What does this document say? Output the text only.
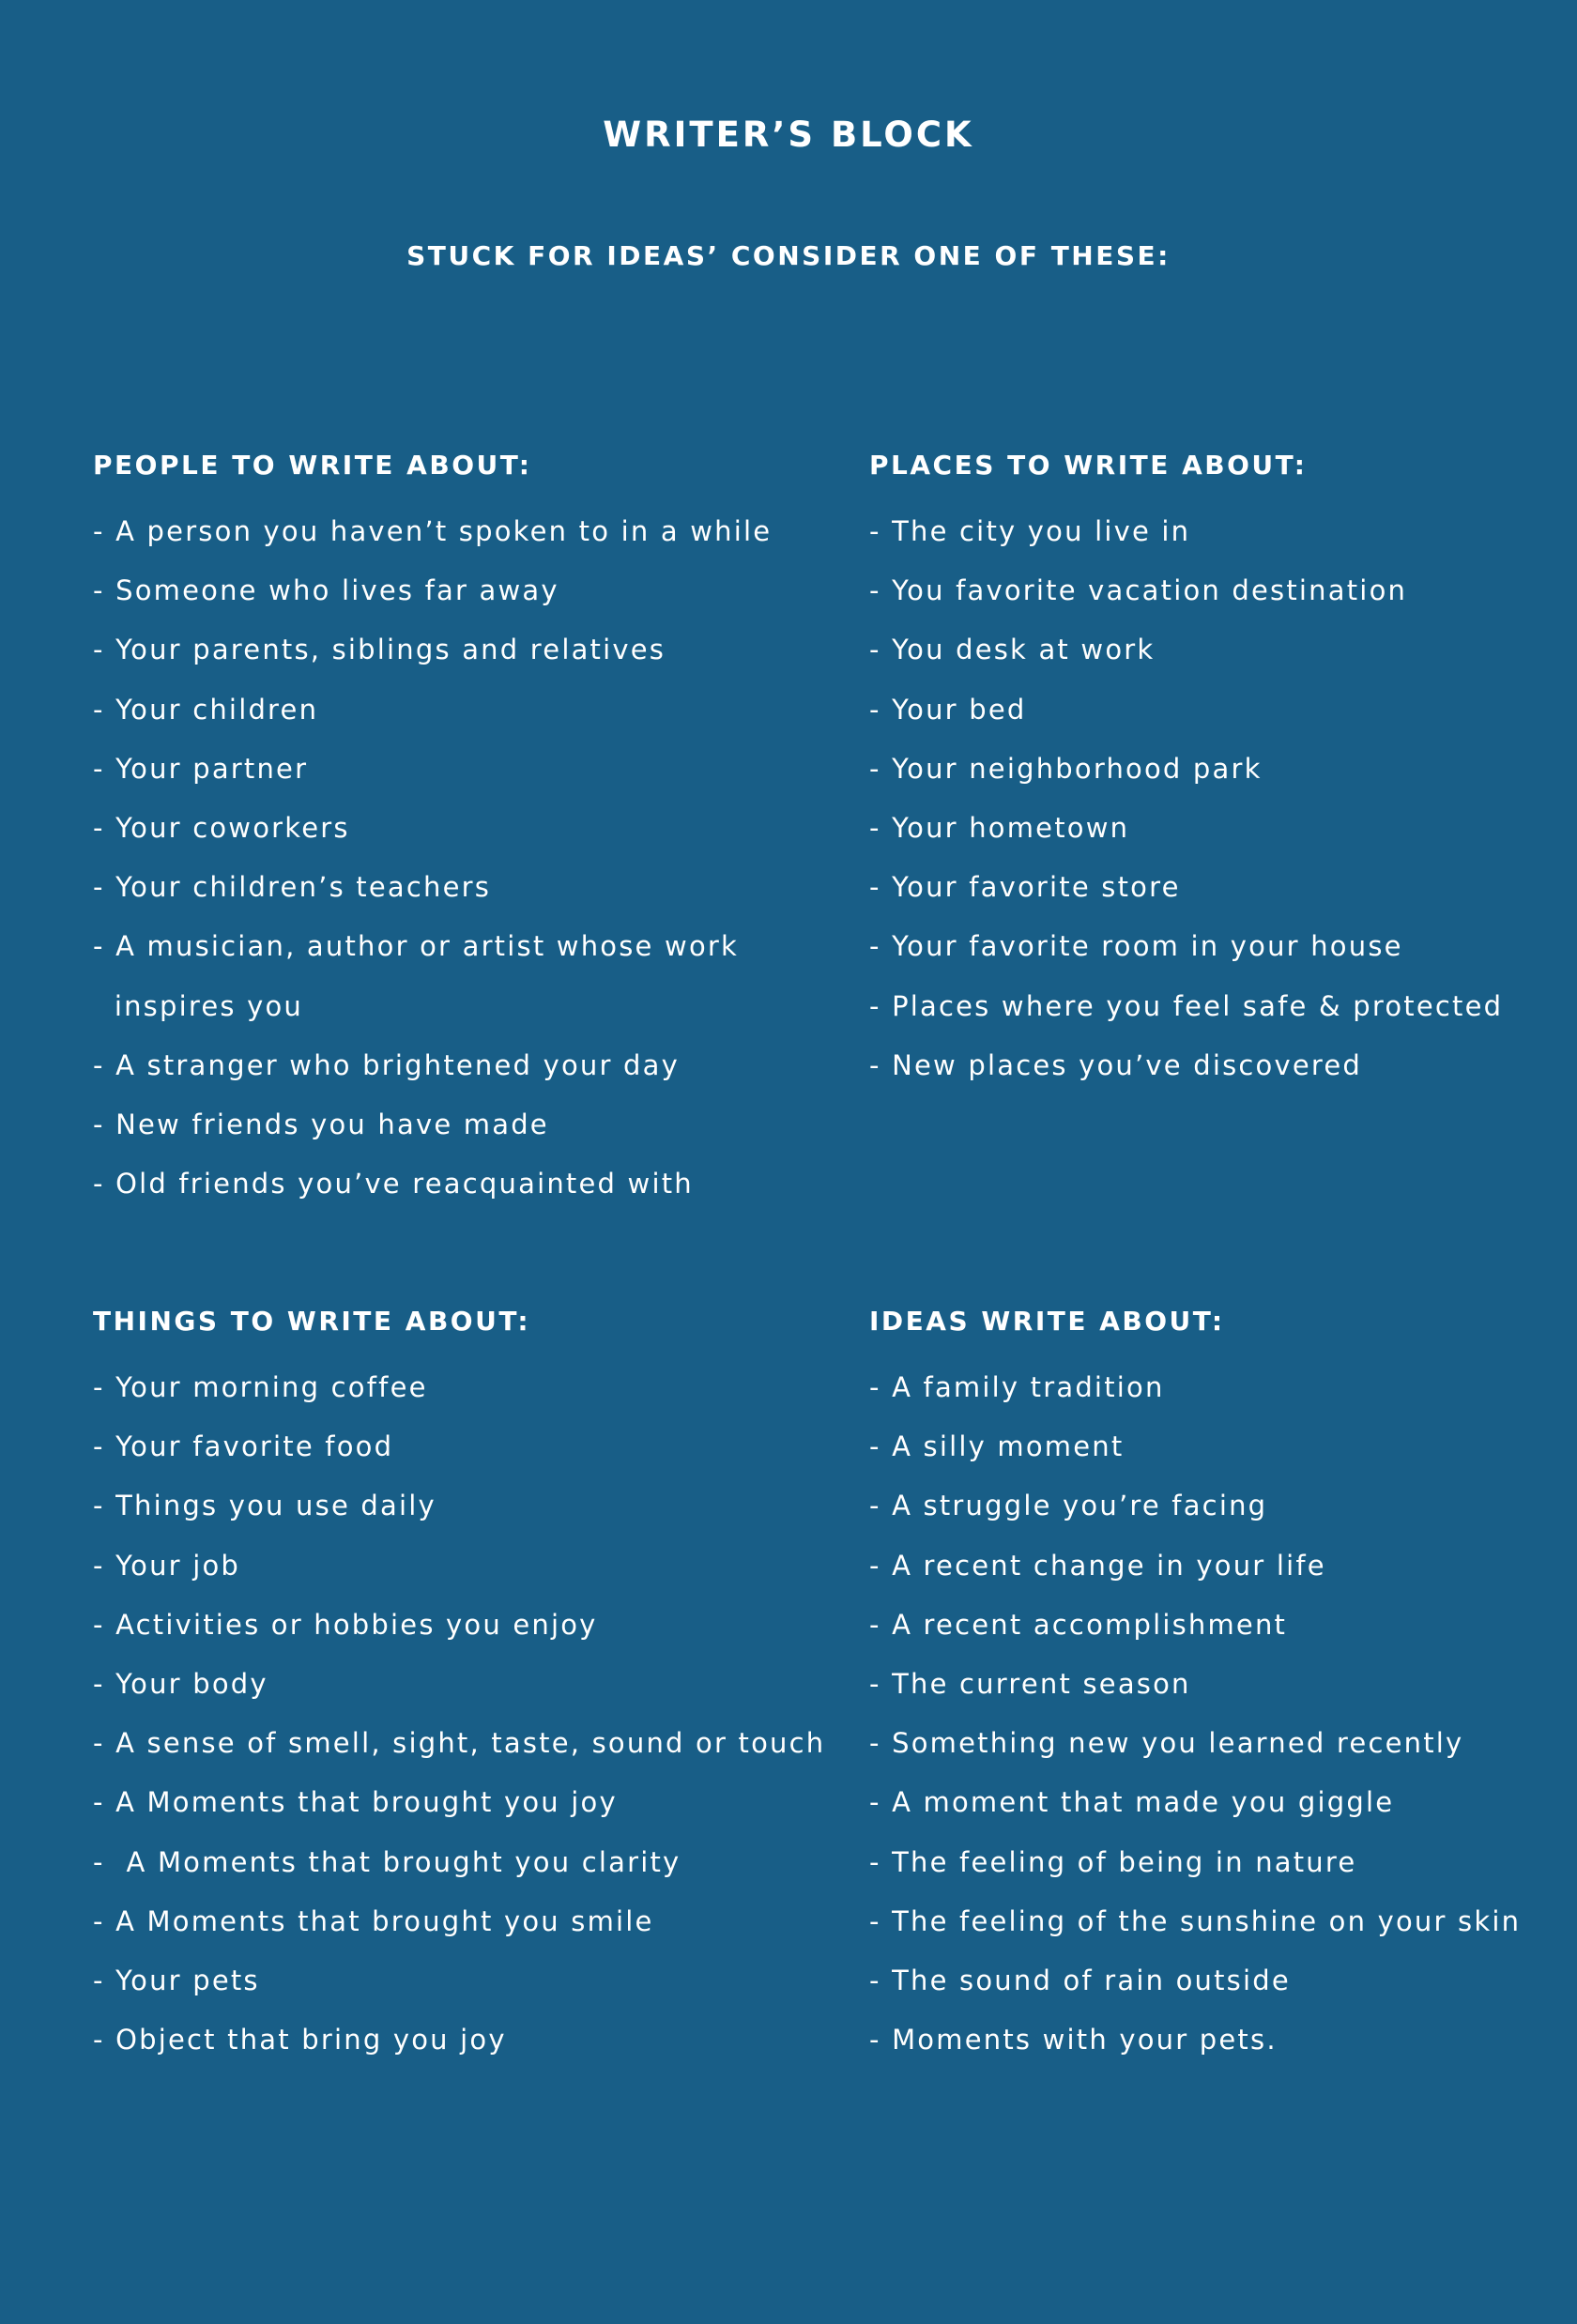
WRITER’S BLOCK

STUCK FOR IDEAS’ CONSIDER ONE OF THESE:

PEOPLE TO WRITE ABOUT:
- A person you haven’t spoken to in a while
- Someone who lives far away
- Your parents, siblings and relatives
- Your children
- Your partner
- Your coworkers
- Your children’s teachers
- A musician, author or artist whose work
inspires you
- A stranger who brightened your day
- New friends you have made
- Old friends you’ve reacquainted with
PLACES TO WRITE ABOUT:
- The city you live in
- You favorite vacation destination
- You desk at work
- Your bed
- Your neighborhood park
- Your hometown
- Your favorite store
- Your favorite room in your house
- Places where you feel safe & protected
- New places you’ve discovered
THINGS TO WRITE ABOUT:
- Your morning coffee
- Your favorite food
- Things you use daily
- Your job
- Activities or hobbies you enjoy
- Your body
- A sense of smell, sight, taste, sound or touch
- A Moments that brought you joy
-  A Moments that brought you clarity
- A Moments that brought you smile
- Your pets
- Object that bring you joy
IDEAS WRITE ABOUT:
- A family tradition
- A silly moment
- A struggle you’re facing
- A recent change in your life
- A recent accomplishment
- The current season
- Something new you learned recently
- A moment that made you giggle
- The feeling of being in nature
- The feeling of the sunshine on your skin
- The sound of rain outside
- Moments with your pets.
